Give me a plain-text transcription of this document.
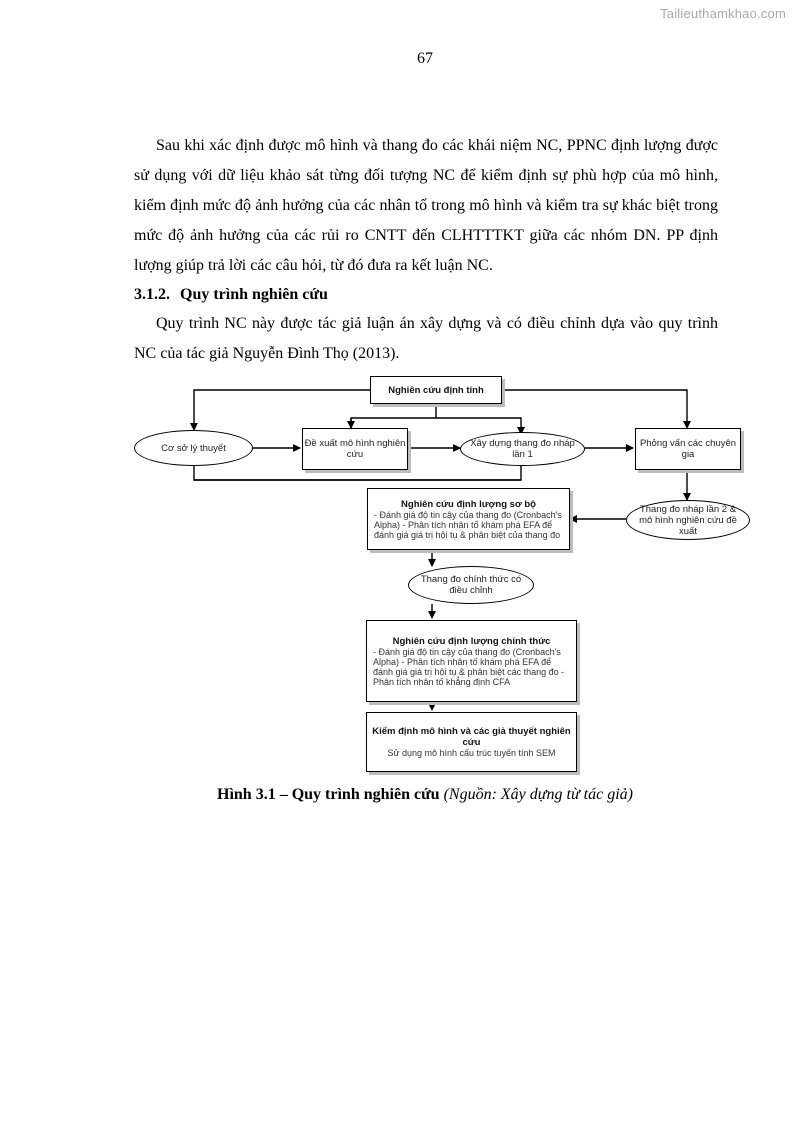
Tailieuthamkhao.com
67

Sau khi xác định được mô hình và thang đo các khái niệm NC, PPNC định lượng được sử dụng với dữ liệu khảo sát từng đối tượng NC để kiểm định sự phù hợp của mô hình, kiểm định mức độ ảnh hưởng của các nhân tố trong mô hình và kiểm tra sự khác biệt trong mức độ ảnh hưởng của các rủi ro CNTT đến CLHTTTKT giữa các nhóm DN. PP định lượng giúp trả lời các câu hỏi, từ đó đưa ra kết luận NC.

3.1.2. Quy trình nghiên cứu

Quy trình NC này được tác giả luận án xây dựng và có điều chỉnh dựa vào quy trình NC của tác giả Nguyễn Đình Thọ (2013).

Nghiên cứu định tính
Cơ sở lý thuyết	Đề xuất mô hình nghiên cứu
Xây dựng thang đo nháp lần 1
Phỏng vấn các chuyên gia
Thang đo nháp lần 2 & mô hình nghiên cứu đề xuất
Nghiên cứu định lượng sơ bộ
- Đánh giá độ tin cậy của thang đo (Cronbach's Alpha) - Phân tích nhân tố khám phá EFA để đánh giá giá trị hội tụ & phân biệt của thang đo
Thang đo chính thức có điều chỉnh
Nghiên cứu định lượng chính thức
- Đánh giá độ tin cậy của thang đo (Cronbach's Alpha) - Phân tích nhân tố khám phá EFA để đánh giá giá trị hội tụ & phân biệt các thang đo - Phân tích nhân tố khẳng định CFA
Kiểm định mô hình và các giả thuyết nghiên cứu
Sử dụng mô hình cấu trúc tuyến tính SEM
Hình 3.1 – Quy trình nghiên cứu (Nguồn: Xây dựng từ tác giả)
